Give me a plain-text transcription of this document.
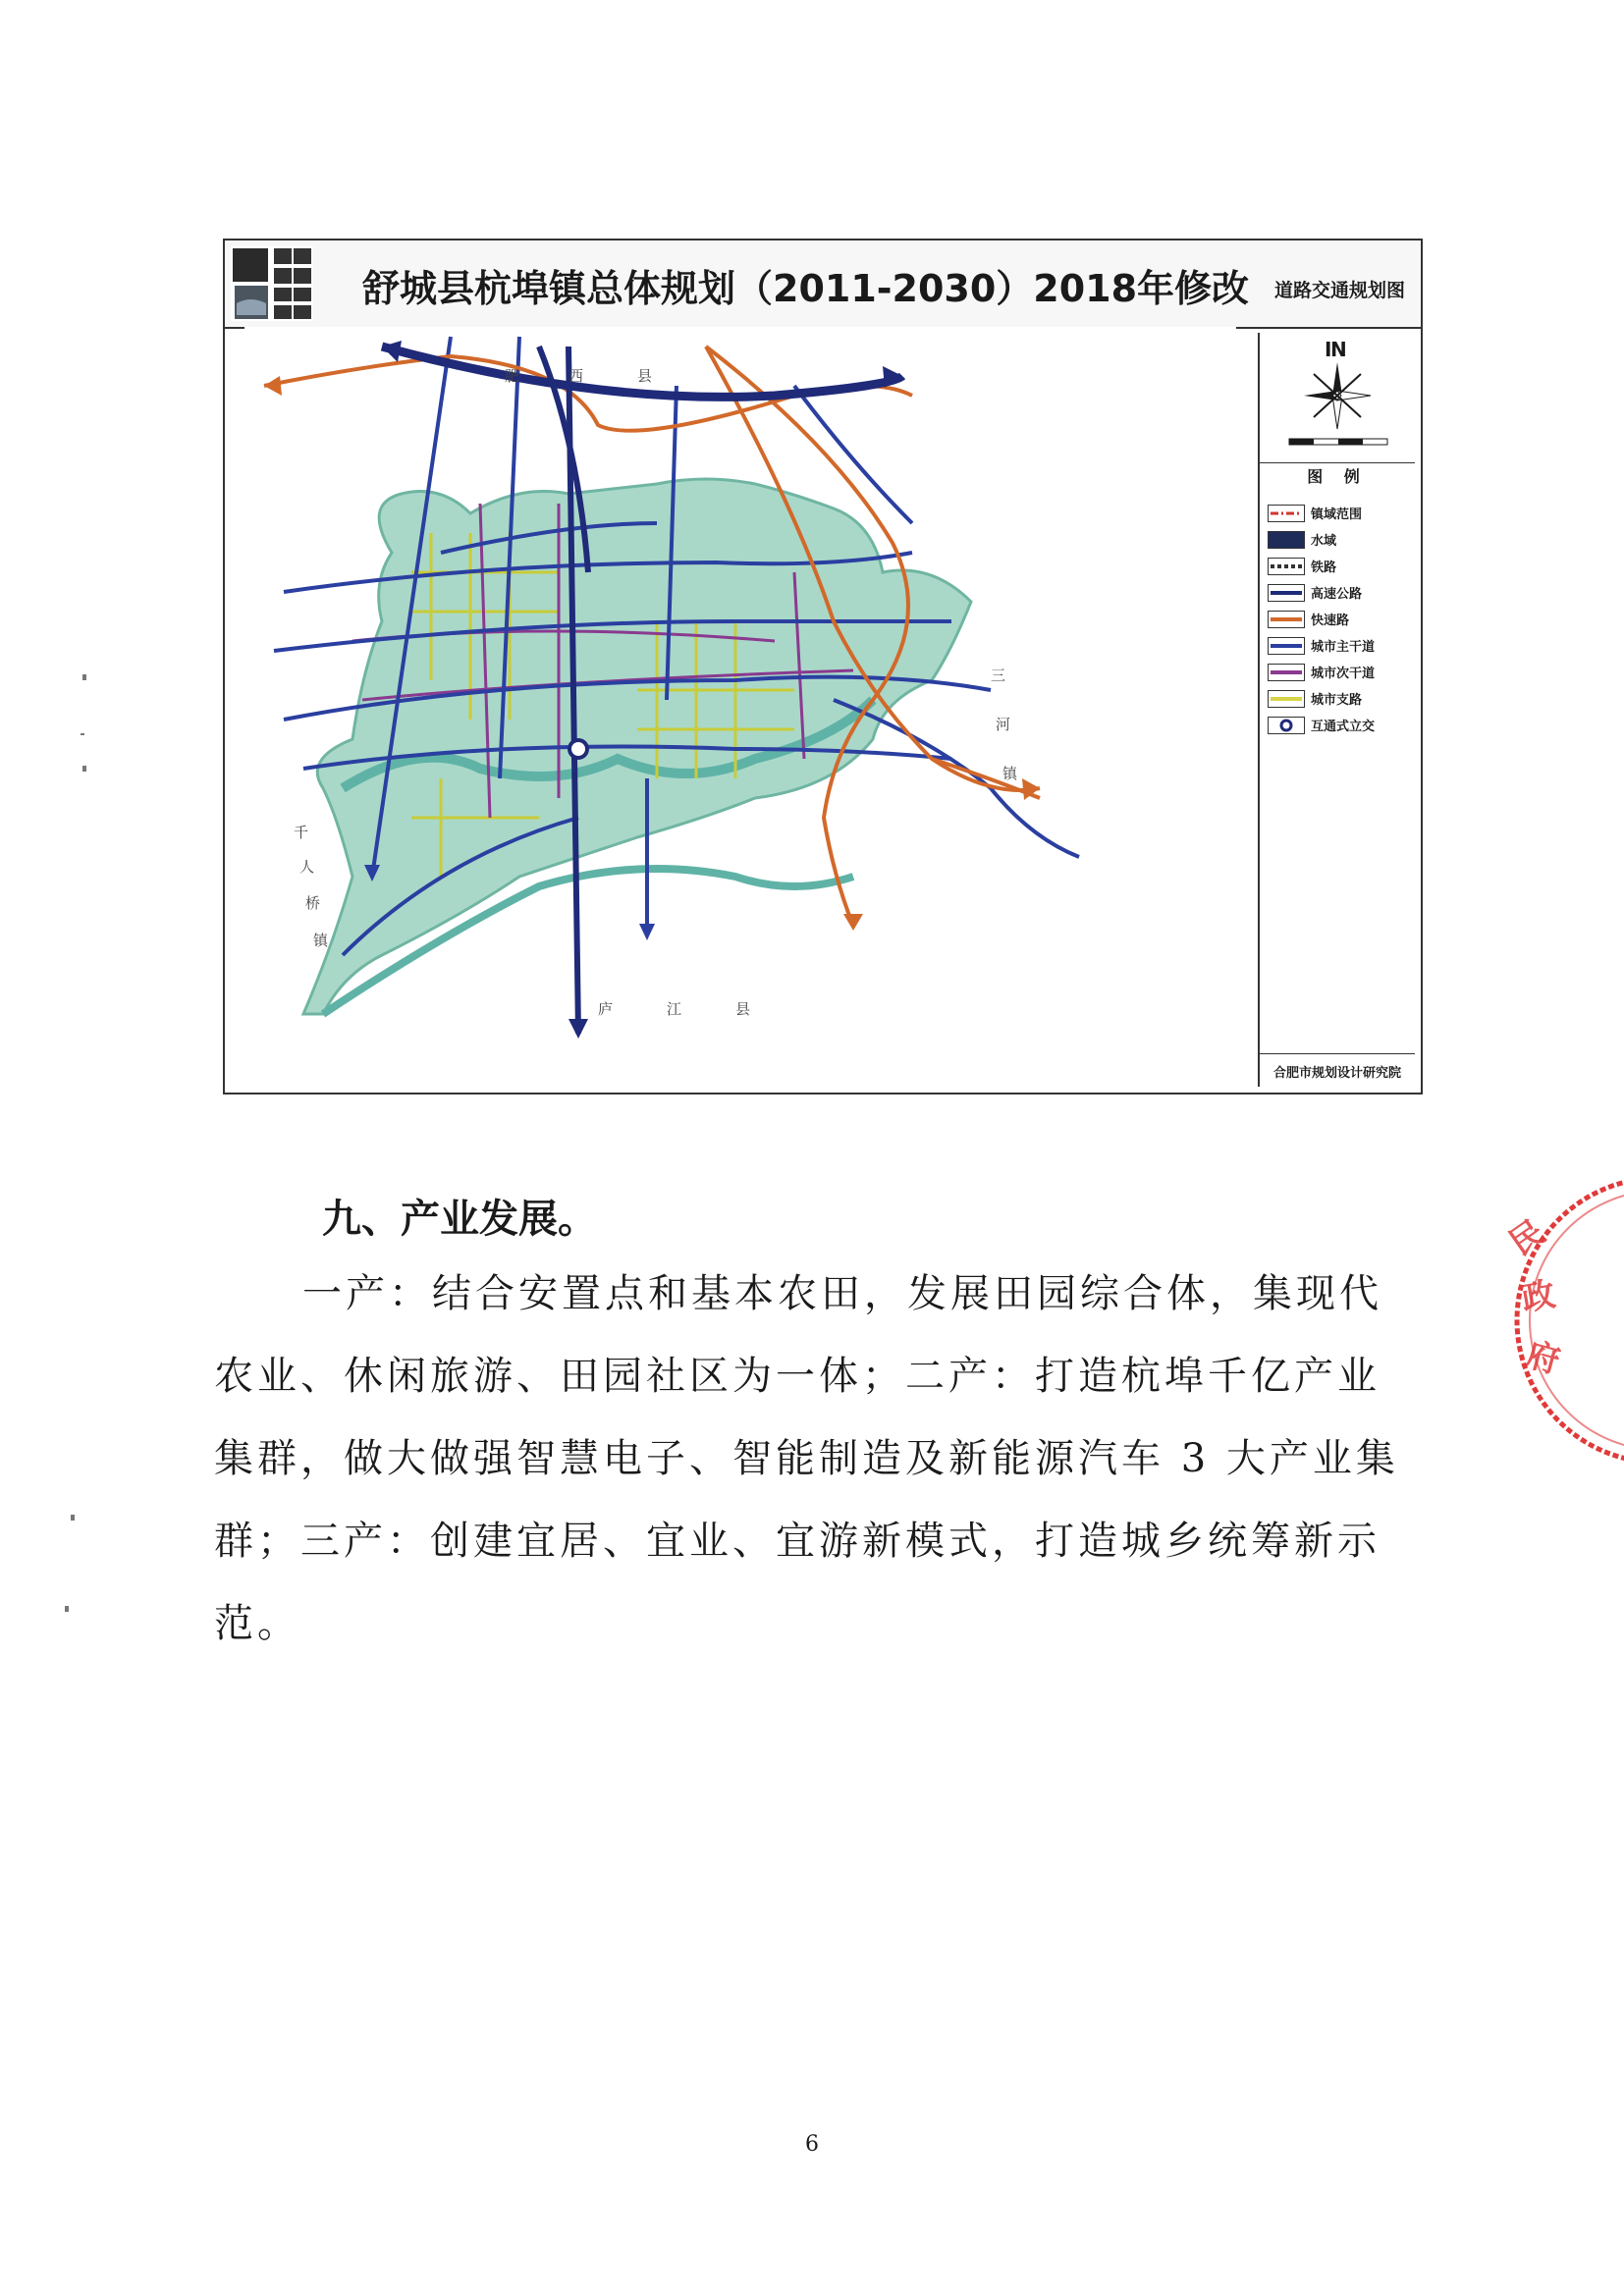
舒城县杭埠镇总体规划（2011-2030）2018年修改 道路交通规划图
肥	西	县
三
河
镇
千
人
桥
镇
庐	江	县
I
N
图 例
镇域范围
水域
铁路
高速公路
快速路
城市主干道
城市次干道
城市支路
互通式立交
合肥市规划设计研究院
九、产业发展。
一产：结合安置点和基本农田，发展田园综合体，集现代农业、休闲旅游、田园社区为一体；二产：打造杭埠千亿产业集群，做大做强智慧电子、智能制造及新能源汽车 3 大产业集群；三产：创建宜居、宜业、宜游新模式，打造城乡统筹新示范。
民
政
府
6
